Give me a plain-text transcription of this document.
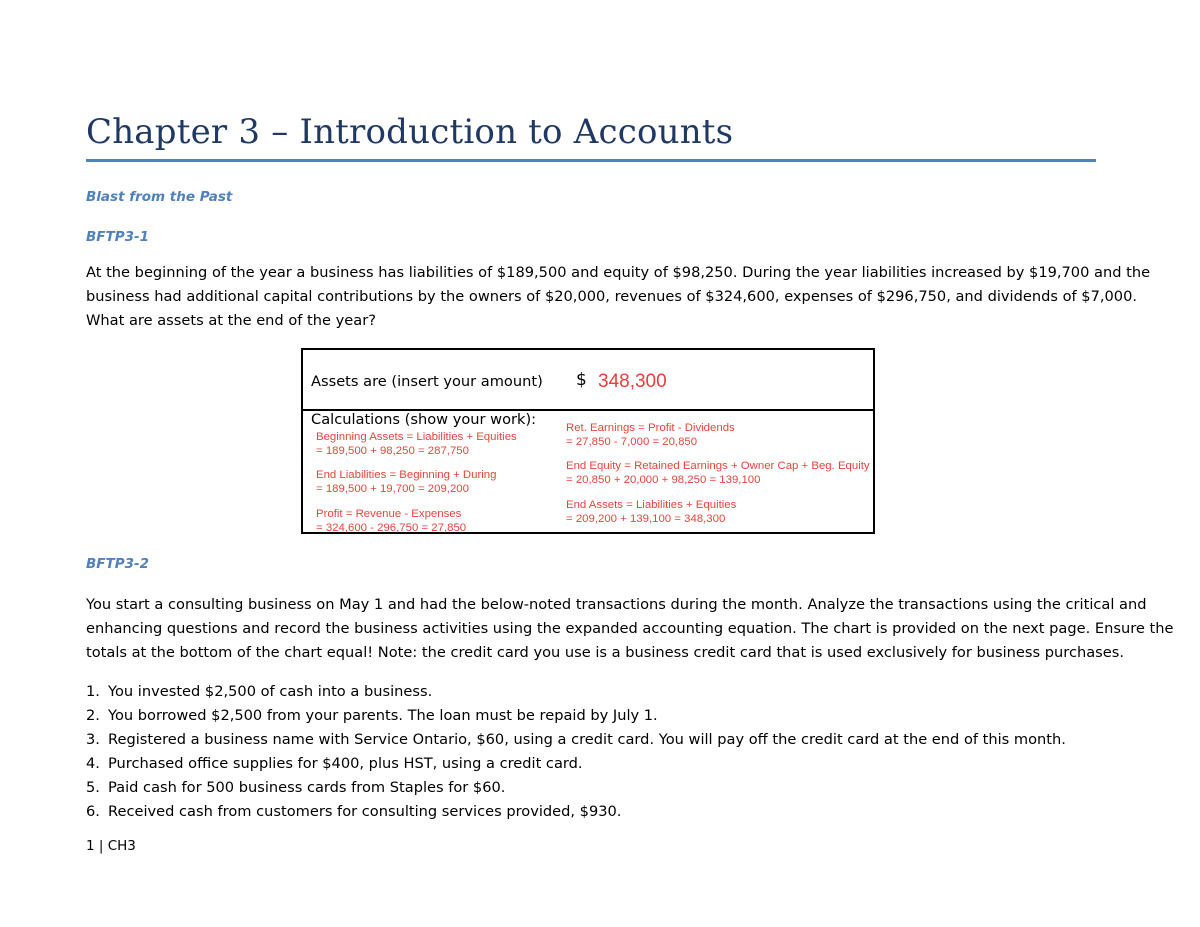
Chapter 3 – Introduction to Accounts
Blast from the Past
BFTP3-1
At the beginning of the year a business has liabilities of $189,500 and equity of $98,250. During the year liabilities increased by $19,700 and the
business had additional capital contributions by the owners of $20,000, revenues of $324,600, expenses of $296,750, and dividends of $7,000.
What are assets at the end of the year?
Assets are (insert your amount) $ 348,300
Calculations (show your work):
Beginning Assets = Liabilities + Equities
= 189,500 + 98,250 = 287,750
End Liabilities = Beginning + During
= 189,500 + 19,700 = 209,200
Profit = Revenue - Expenses
= 324,600 - 296,750 = 27,850
Ret. Earnings = Profit - Dividends
= 27,850 - 7,000 = 20,850
End Equity = Retained Earnings + Owner Cap + Beg. Equity
= 20,850 + 20,000 + 98,250 = 139,100
End Assets = Liabilities + Equities
= 209,200 + 139,100 = 348,300
BFTP3-2
You start a consulting business on May 1 and had the below-noted transactions during the month. Analyze the transactions using the critical and
enhancing questions and record the business activities using the expanded accounting equation. The chart is provided on the next page. Ensure the
totals at the bottom of the chart equal! Note: the credit card you use is a business credit card that is used exclusively for business purchases.
1. You invested $2,500 of cash into a business.
2. You borrowed $2,500 from your parents. The loan must be repaid by July 1.
3. Registered a business name with Service Ontario, $60, using a credit card. You will pay off the credit card at the end of this month.
4. Purchased office supplies for $400, plus HST, using a credit card.
5. Paid cash for 500 business cards from Staples for $60.
6. Received cash from customers for consulting services provided, $930.
1 | CH3
